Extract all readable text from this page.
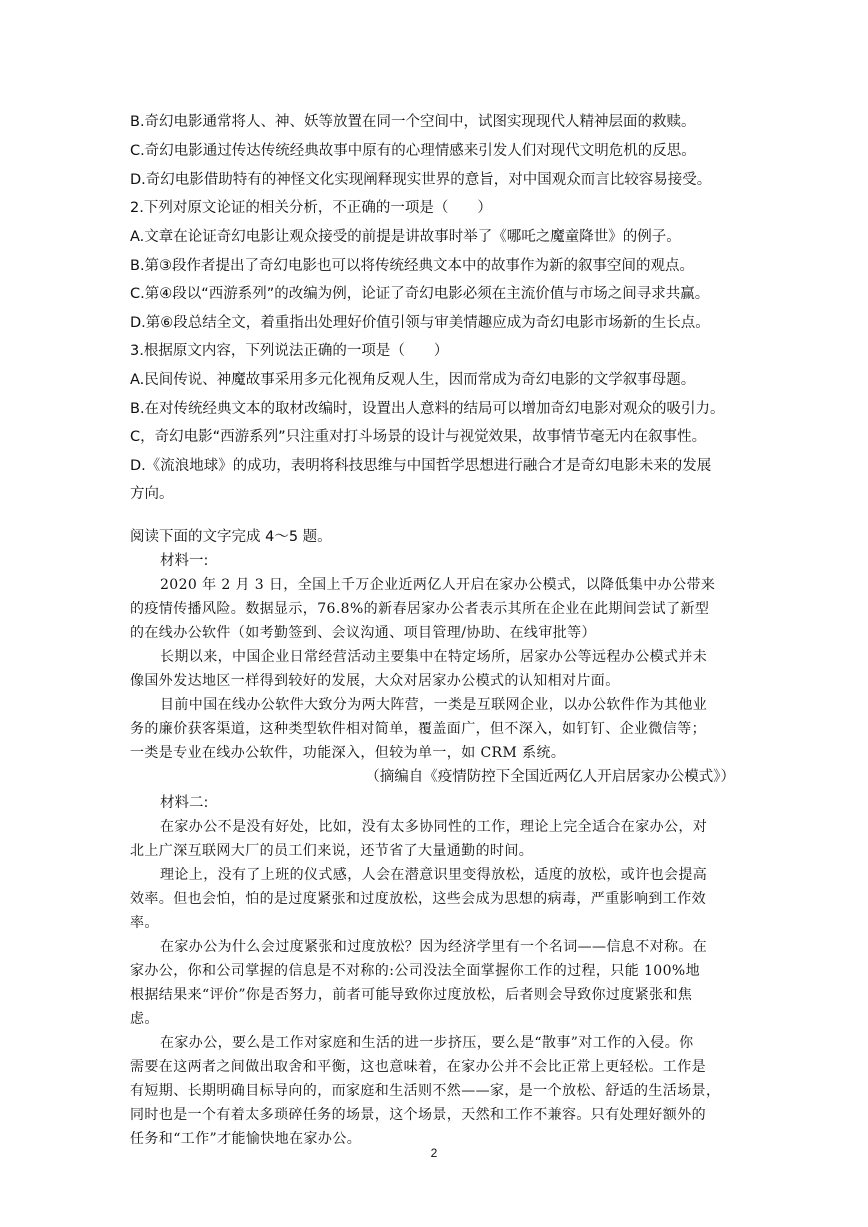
B.奇幻电影通常将人、神、妖等放置在同一个空间中，试图实现现代人精神层面的救赎。
C.奇幻电影通过传达传统经典故事中原有的心理情感来引发人们对现代文明危机的反思。
D.奇幻电影借助特有的神怪文化实现阐释现实世界的意旨，对中国观众而言比较容易接受。
2.下列对原文论证的相关分析，不正确的一项是（　　）
A.文章在论证奇幻电影让观众接受的前提是讲故事时举了《哪吒之魔童降世》的例子。
B.第③段作者提出了奇幻电影也可以将传统经典文本中的故事作为新的叙事空间的观点。
C.第④段以“西游系列”的改编为例，论证了奇幻电影必须在主流价值与市场之间寻求共赢。
D.第⑥段总结全文，着重指出处理好价值引领与审美情趣应成为奇幻电影市场新的生长点。
3.根据原文内容，下列说法正确的一项是（　　）
A.民间传说、神魔故事采用多元化视角反观人生，因而常成为奇幻电影的文学叙事母题。
B.在对传统经典文本的取材改编时，设置出人意料的结局可以增加奇幻电影对观众的吸引力。
C，奇幻电影“西游系列”只注重对打斗场景的设计与视觉效果，故事情节毫无内在叙事性。
D.《流浪地球》的成功，表明将科技思维与中国哲学思想进行融合才是奇幻电影未来的发展
方向。
阅读下面的文字完成 4～5 题。
材料一:
2020 年 2 月 3 日，全国上千万企业近两亿人开启在家办公模式，以降低集中办公带来
的疫情传播风险。数据显示，76.8%的新春居家办公者表示其所在企业在此期间尝试了新型
的在线办公软件（如考勤签到、会议沟通、项目管理/协助、在线审批等）
长期以来，中国企业日常经营活动主要集中在特定场所，居家办公等远程办公模式并未
像国外发达地区一样得到较好的发展，大众对居家办公模式的认知相对片面。
目前中国在线办公软件大致分为两大阵营，一类是互联网企业，以办公软件作为其他业
务的廉价获客渠道，这种类型软件相对简单，覆盖面广，但不深入，如钉钉、企业微信等；
一类是专业在线办公软件，功能深入，但较为单一，如 CRM 系统。
（摘编自《疫情防控下全国近两亿人开启居家办公模式》）
材料二:
在家办公不是没有好处，比如，没有太多协同性的工作，理论上完全适合在家办公，对
北上广深互联网大厂的员工们来说，还节省了大量通勤的时间。
理论上，没有了上班的仪式感，人会在潜意识里变得放松，适度的放松，或许也会提高
效率。但也会怕，怕的是过度紧张和过度放松，这些会成为思想的病毒，严重影响到工作效
率。
在家办公为什么会过度紧张和过度放松？因为经济学里有一个名词——信息不对称。在
家办公，你和公司掌握的信息是不对称的:公司没法全面掌握你工作的过程，只能 100%地
根据结果来“评价”你是否努力，前者可能导致你过度放松，后者则会导致你过度紧张和焦
虑。
在家办公，要么是工作对家庭和生活的进一步挤压，要么是“散事”对工作的入侵。你
需要在这两者之间做出取舍和平衡，这也意味着，在家办公并不会比正常上更轻松。工作是
有短期、长期明确目标导向的，而家庭和生活则不然——家，是一个放松、舒适的生活场景，
同时也是一个有着太多琐碎任务的场景，这个场景，天然和工作不兼容。只有处理好额外的
任务和“工作”才能愉快地在家办公。
2
